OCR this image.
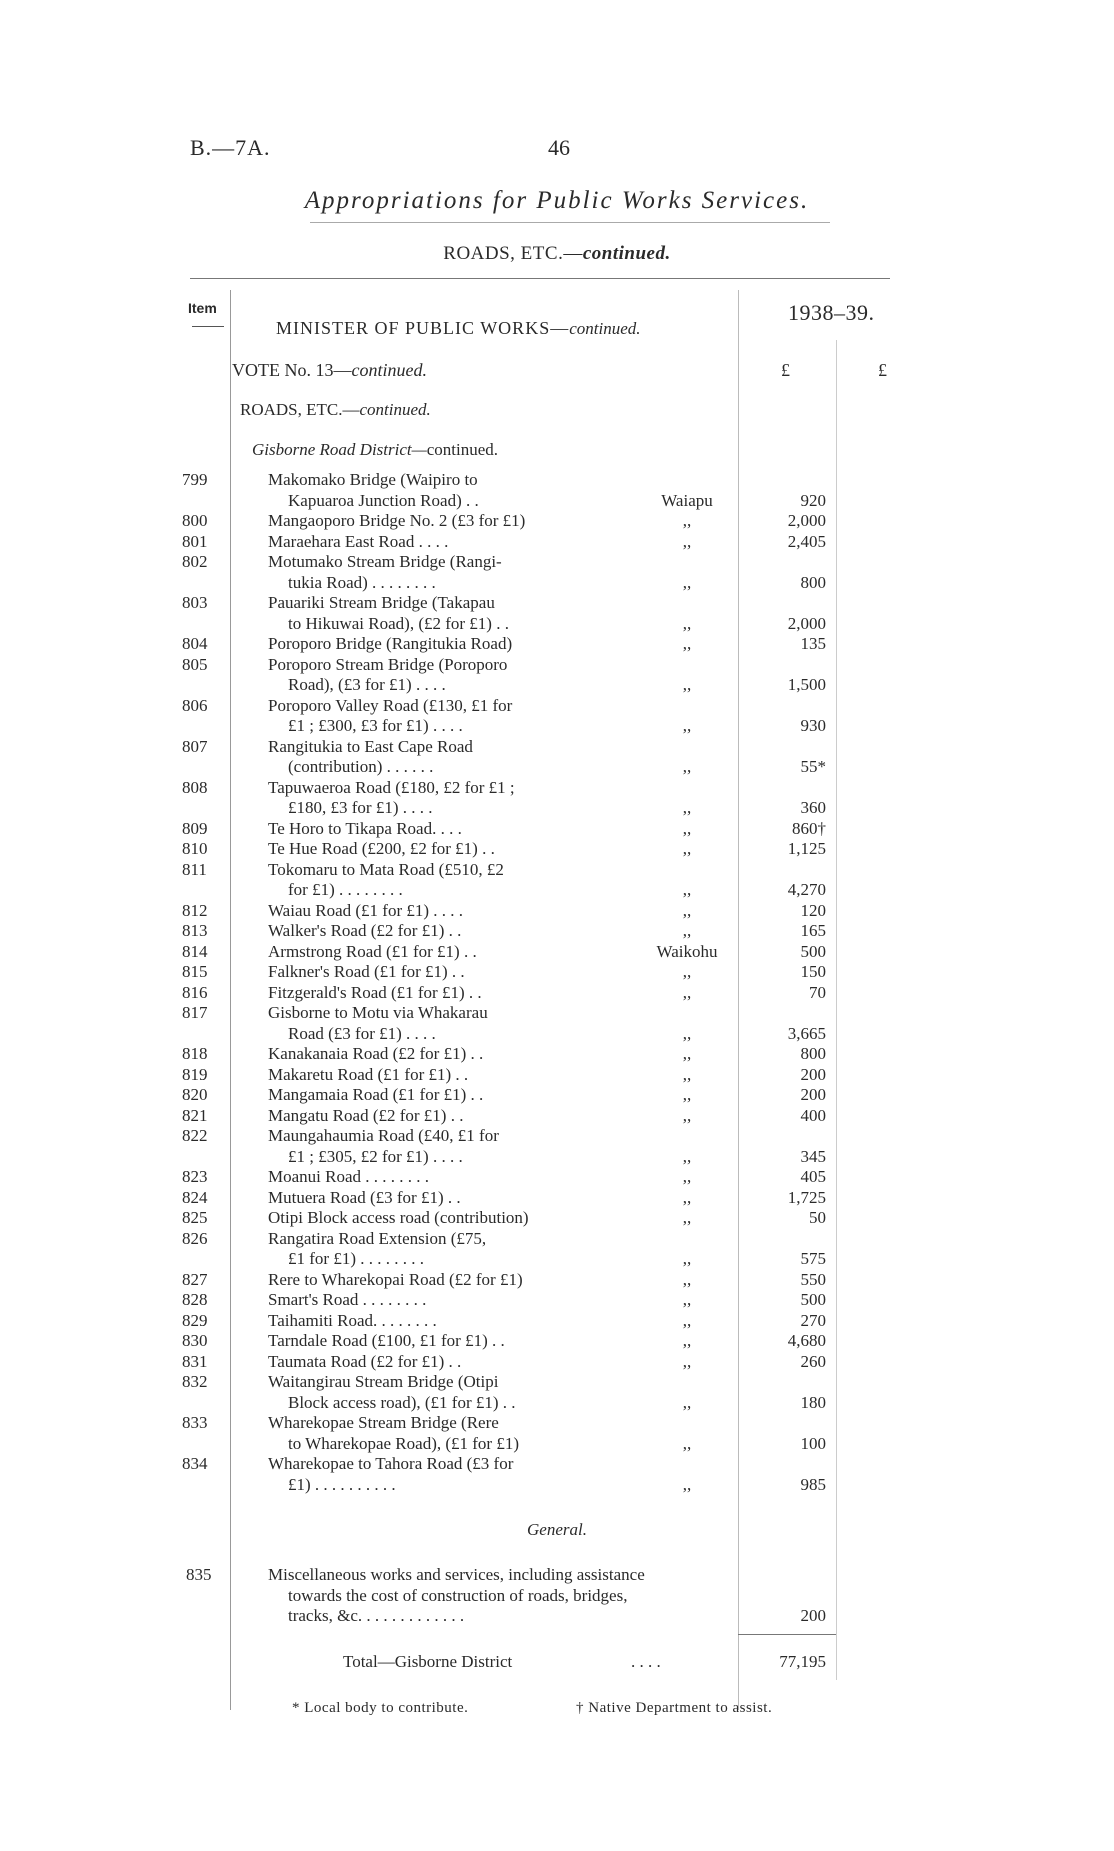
B.—7A.	46
Appropriations for Public Works Services.
ROADS, ETC.—continued.
Item	1938–39.
MINISTER OF PUBLIC WORKS—continued.
VOTE No. 13—continued.	£	£
ROADS, ETC.—continued.
Gisborne Road District—continued.
799	Makomako Bridge (Waipiro to
Kapuaroa Junction Road) . .	Waiapu	920
800	Mangaoporo Bridge No. 2 (£3 for £1)	,,	2,000
801	Maraehara East Road . . . .	,,	2,405
802	Motumako Stream Bridge (Rangi-
tukia Road) . . . . . . . .	,,	800
803	Pauariki Stream Bridge (Takapau
to Hikuwai Road), (£2 for £1) . .	,,	2,000
804	Poroporo Bridge (Rangitukia Road)	,,	135
805	Poroporo Stream Bridge (Poroporo
Road), (£3 for £1) . . . .	,,	1,500
806	Poroporo Valley Road (£130, £1 for
£1 ; £300, £3 for £1) . . . .	,,	930
807	Rangitukia to East Cape Road
(contribution) . . . . . .	,,	55*
808	Tapuwaeroa Road (£180, £2 for £1 ;
£180, £3 for £1) . . . .	,,	360
809	Te Horo to Tikapa Road. . . .	,,	860†
810	Te Hue Road (£200, £2 for £1) . .	,,	1,125
811	Tokomaru to Mata Road (£510, £2
for £1) . . . . . . . .	,,	4,270
812	Waiau Road (£1 for £1) . . . .	,,	120
813	Walker's Road (£2 for £1) . .	,,	165
814	Armstrong Road (£1 for £1) . .	Waikohu	500
815	Falkner's Road (£1 for £1) . .	,,	150
816	Fitzgerald's Road (£1 for £1) . .	,,	70
817	Gisborne to Motu via Whakarau
Road (£3 for £1) . . . .	,,	3,665
818	Kanakanaia Road (£2 for £1) . .	,,	800
819	Makaretu Road (£1 for £1) . .	,,	200
820	Mangamaia Road (£1 for £1) . .	,,	200
821	Mangatu Road (£2 for £1) . .	,,	400
822	Maungahaumia Road (£40, £1 for
£1 ; £305, £2 for £1) . . . .	,,	345
823	Moanui Road . . . . . . . .	,,	405
824	Mutuera Road (£3 for £1) . .	,,	1,725
825	Otipi Block access road (contribution)	,,	50
826	Rangatira Road Extension (£75,
£1 for £1) . . . . . . . .	,,	575
827	Rere to Wharekopai Road (£2 for £1)	,,	550
828	Smart's Road . . . . . . . .	,,	500
829	Taihamiti Road. . . . . . . .	,,	270
830	Tarndale Road (£100, £1 for £1) . .	,,	4,680
831	Taumata Road (£2 for £1) . .	,,	260
832	Waitangirau Stream Bridge (Otipi
Block access road), (£1 for £1) . .	,,	180
833	Wharekopae Stream Bridge (Rere
to Wharekopae Road), (£1 for £1)	,,	100
834	Wharekopae to Tahora Road (£3 for
£1) . . . . . . . . . .	,,	985
General.
835	Miscellaneous works and services, including assistance
towards the cost of construction of roads, bridges,
tracks, &c. . . . . . . . . . . . .	200
Total—Gisborne District	. . . .	77,195
* Local body to contribute.	† Native Department to assist.
